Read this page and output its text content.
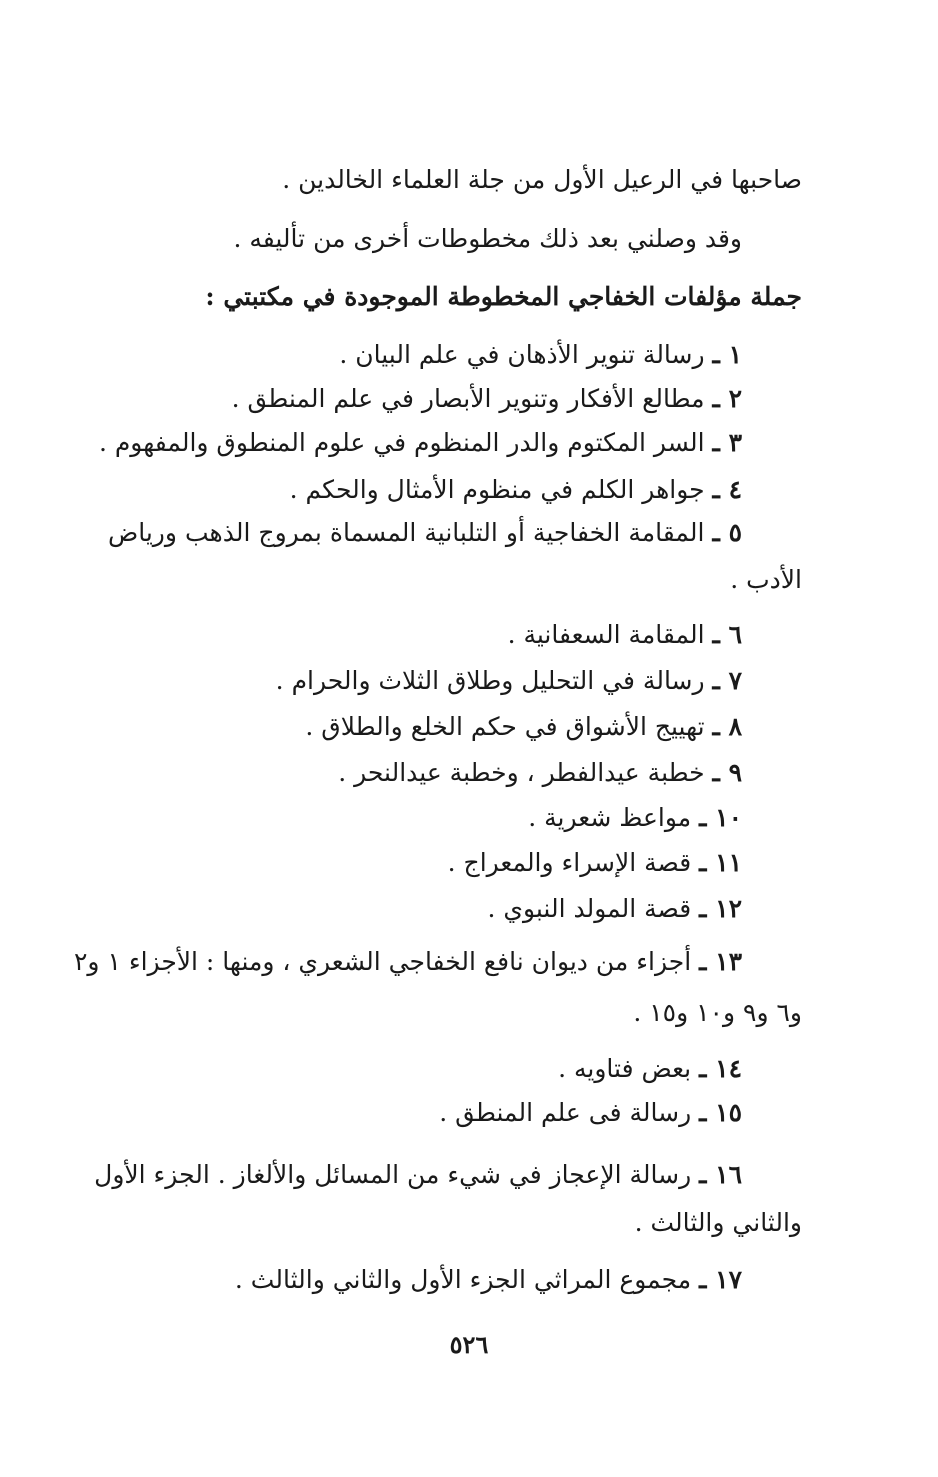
صاحبها في الرعيل الأول من جلة العلماء الخالدين .
وقد وصلني بعد ذلك مخطوطات أخرى من تأليفه .
جملة مؤلفات الخفاجي المخطوطة الموجودة في مكتبتي :
١ ـ رسالة تنوير الأذهان في علم البيان .
٢ ـ مطالع الأفكار وتنوير الأبصار في علم المنطق .
٣ ـ السر المكتوم والدر المنظوم في علوم المنطوق والمفهوم .
٤ ـ جواهر الكلم في منظوم الأمثال والحكم .
٥ ـ المقامة الخفاجية أو التلبانية المسماة بمروج الذهب ورياض
الأدب .
٦ ـ المقامة السعفانية .
٧ ـ رسالة في التحليل وطلاق الثلاث والحرام .
٨ ـ تهييج الأشواق في حكم الخلع والطلاق .
٩ ـ خطبة عيدالفطر ، وخطبة عيدالنحر .
١٠ ـ مواعظ شعرية .
١١ ـ قصة الإسراء والمعراج .
١٢ ـ قصة المولد النبوي .
١٣ ـ أجزاء من ديوان نافع الخفاجي الشعري ، ومنها : الأجزاء ١ و٢
و٦ و٩ و١٠ و١٥ .
١٤ ـ بعض فتاويه .
١٥ ـ رسالة فى علم المنطق .
١٦ ـ رسالة الإعجاز في شيء من المسائل والألغاز . الجزء الأول
والثاني والثالث .
١٧ ـ مجموع المراثي الجزء الأول والثاني والثالث .
٥٢٦
